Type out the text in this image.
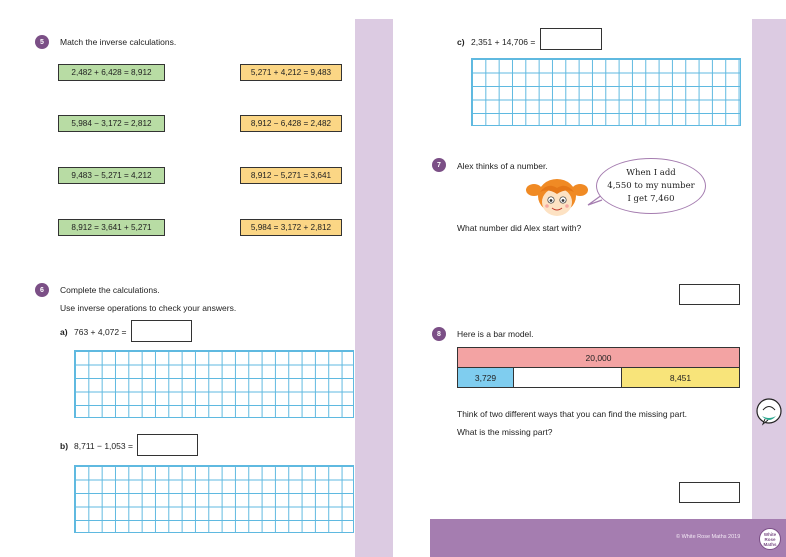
© White Rose Maths 2019	White
Rose
Maths
5	Match the inverse calculations.
2,482 + 6,428 = 8,912
5,984 − 3,172 = 2,812
9,483 − 5,271 = 4,212
8,912 = 3,641 + 5,271
5,271 + 4,212 = 9,483
8,912 − 6,428 = 2,482
8,912 − 5,271 = 3,641
5,984 = 3,172 + 2,812
6	Complete the calculations.
Use inverse operations to check your answers.
a) 763 + 4,072 =
b) 8,711 − 1,053 =
c) 2,351 + 14,706 =
7	Alex thinks of a number.
When I add
4,550 to my number
I get 7,460
What number did Alex start with?
8	Here is a bar model.
20,000
3,729	8,451
Think of two different ways that you can find the missing part.
What is the missing part?
